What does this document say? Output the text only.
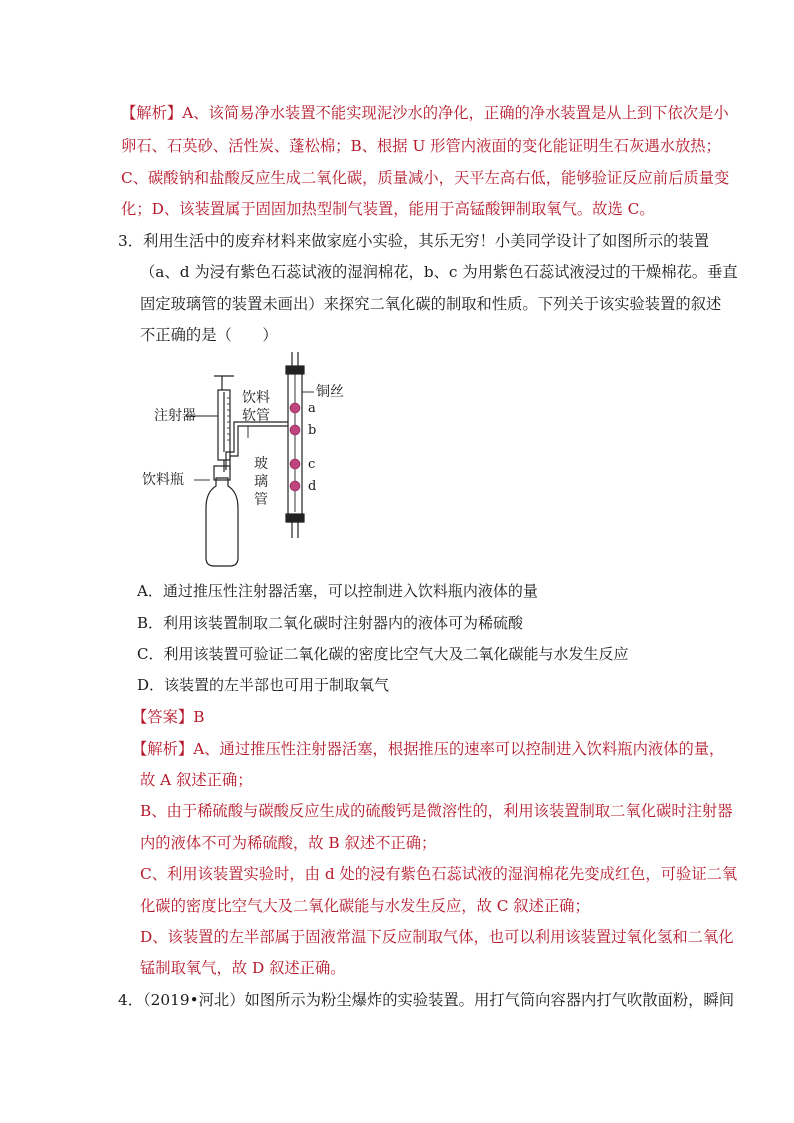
【解析】A、该简易净水装置不能实现泥沙水的净化，正确的净水装置是从上到下依次是小
卵石、石英砂、活性炭、蓬松棉；B、根据 U 形管内液面的变化能证明生石灰遇水放热；
C、碳酸钠和盐酸反应生成二氧化碳，质量减小，天平左高右低，能够验证反应前后质量变
化；D、该装置属于固固加热型制气装置，能用于高锰酸钾制取氧气。故选 C。
3．利用生活中的废弃材料来做家庭小实验，其乐无穷！小美同学设计了如图所示的装置
（a、d 为浸有紫色石蕊试液的湿润棉花，b、c 为用紫色石蕊试液浸过的干燥棉花。垂直
固定玻璃管的装置未画出）来探究二氧化碳的制取和性质。下列关于该实验装置的叙述
不正确的是（　　）
注射器
饮料
软管
铜丝
玻
璃
管
饮料瓶
a
b
c
d
A．通过推压性注射器活塞，可以控制进入饮料瓶内液体的量
B．利用该装置制取二氧化碳时注射器内的液体可为稀硫酸
C．利用该装置可验证二氧化碳的密度比空气大及二氧化碳能与水发生反应
D．该装置的左半部也可用于制取氧气
【答案】B
【解析】A、通过推压性注射器活塞，根据推压的速率可以控制进入饮料瓶内液体的量，
故 A 叙述正确；
B、由于稀硫酸与碳酸反应生成的硫酸钙是微溶性的，利用该装置制取二氧化碳时注射器
内的液体不可为稀硫酸，故 B 叙述不正确；
C、利用该装置实验时，由 d 处的浸有紫色石蕊试液的湿润棉花先变成红色，可验证二氧
化碳的密度比空气大及二氧化碳能与水发生反应，故 C 叙述正确；
D、该装置的左半部属于固液常温下反应制取气体，也可以利用该装置过氧化氢和二氧化
锰制取氧气，故 D 叙述正确。
4．（2019•河北）如图所示为粉尘爆炸的实验装置。用打气筒向容器内打气吹散面粉，瞬间
